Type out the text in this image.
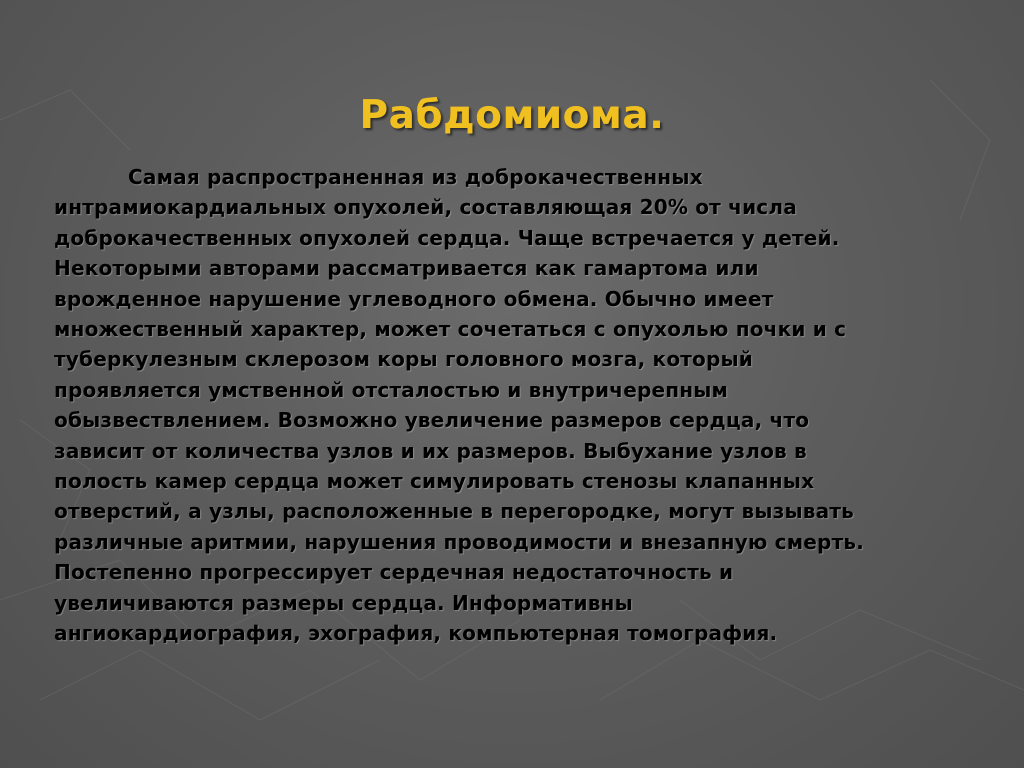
Рабдомиома.
Самая распространенная из доброкачественных
интрамиокардиальных опухолей, составляющая 20% от числа
доброкачественных опухолей сердца. Чаще встречается у детей.
Некоторыми авторами рассматривается как гамартома или
врожденное нарушение углеводного обмена. Обычно имеет
множественный характер, может сочетаться с опухолью почки и с
туберкулезным склерозом коры головного мозга, который
проявляется умственной отсталостью и внутричерепным
обызвествлением. Возможно увеличение размеров сердца, что
зависит от количества узлов и их размеров. Выбухание узлов в
полость камер сердца может симулировать стенозы клапанных
отверстий, а узлы, расположенные в перегородке, могут вызывать
различные аритмии, нарушения проводимости и внезапную смерть.
Постепенно прогрессирует сердечная недостаточность и
увеличиваются размеры сердца. Информативны
ангиокардиография, эхография, компьютерная томография.
